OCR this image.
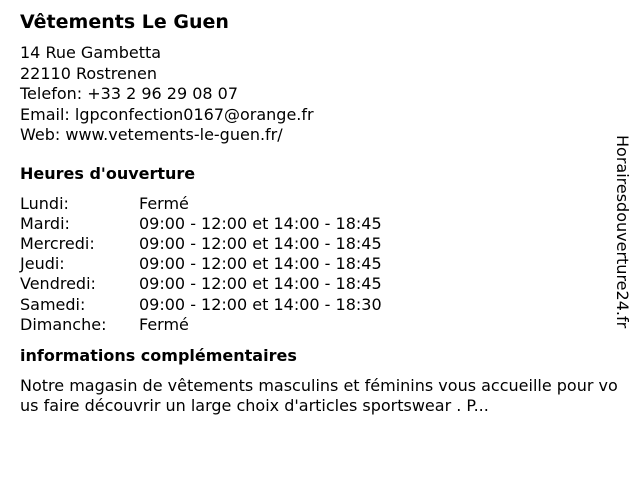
Vêtements Le Guen
14 Rue Gambetta
22110 Rostrenen
Telefon: +33 2 96 29 08 07
Email: lgpconfection0167@orange.fr
Web: www.vetements-le-guen.fr/
Heures d'ouverture
Lundi:	Fermé
Mardi:	09:00 - 12:00 et 14:00 - 18:45
Mercredi:	09:00 - 12:00 et 14:00 - 18:45
Jeudi:	09:00 - 12:00 et 14:00 - 18:45
Vendredi:	09:00 - 12:00 et 14:00 - 18:45
Samedi:	09:00 - 12:00 et 14:00 - 18:30
Dimanche:	Fermé
informations complémentaires
Notre magasin de vêtements masculins et féminins vous accueille pour vous faire découvrir un large choix d'articles sportswear . P...
Horairesdouverture24.fr
